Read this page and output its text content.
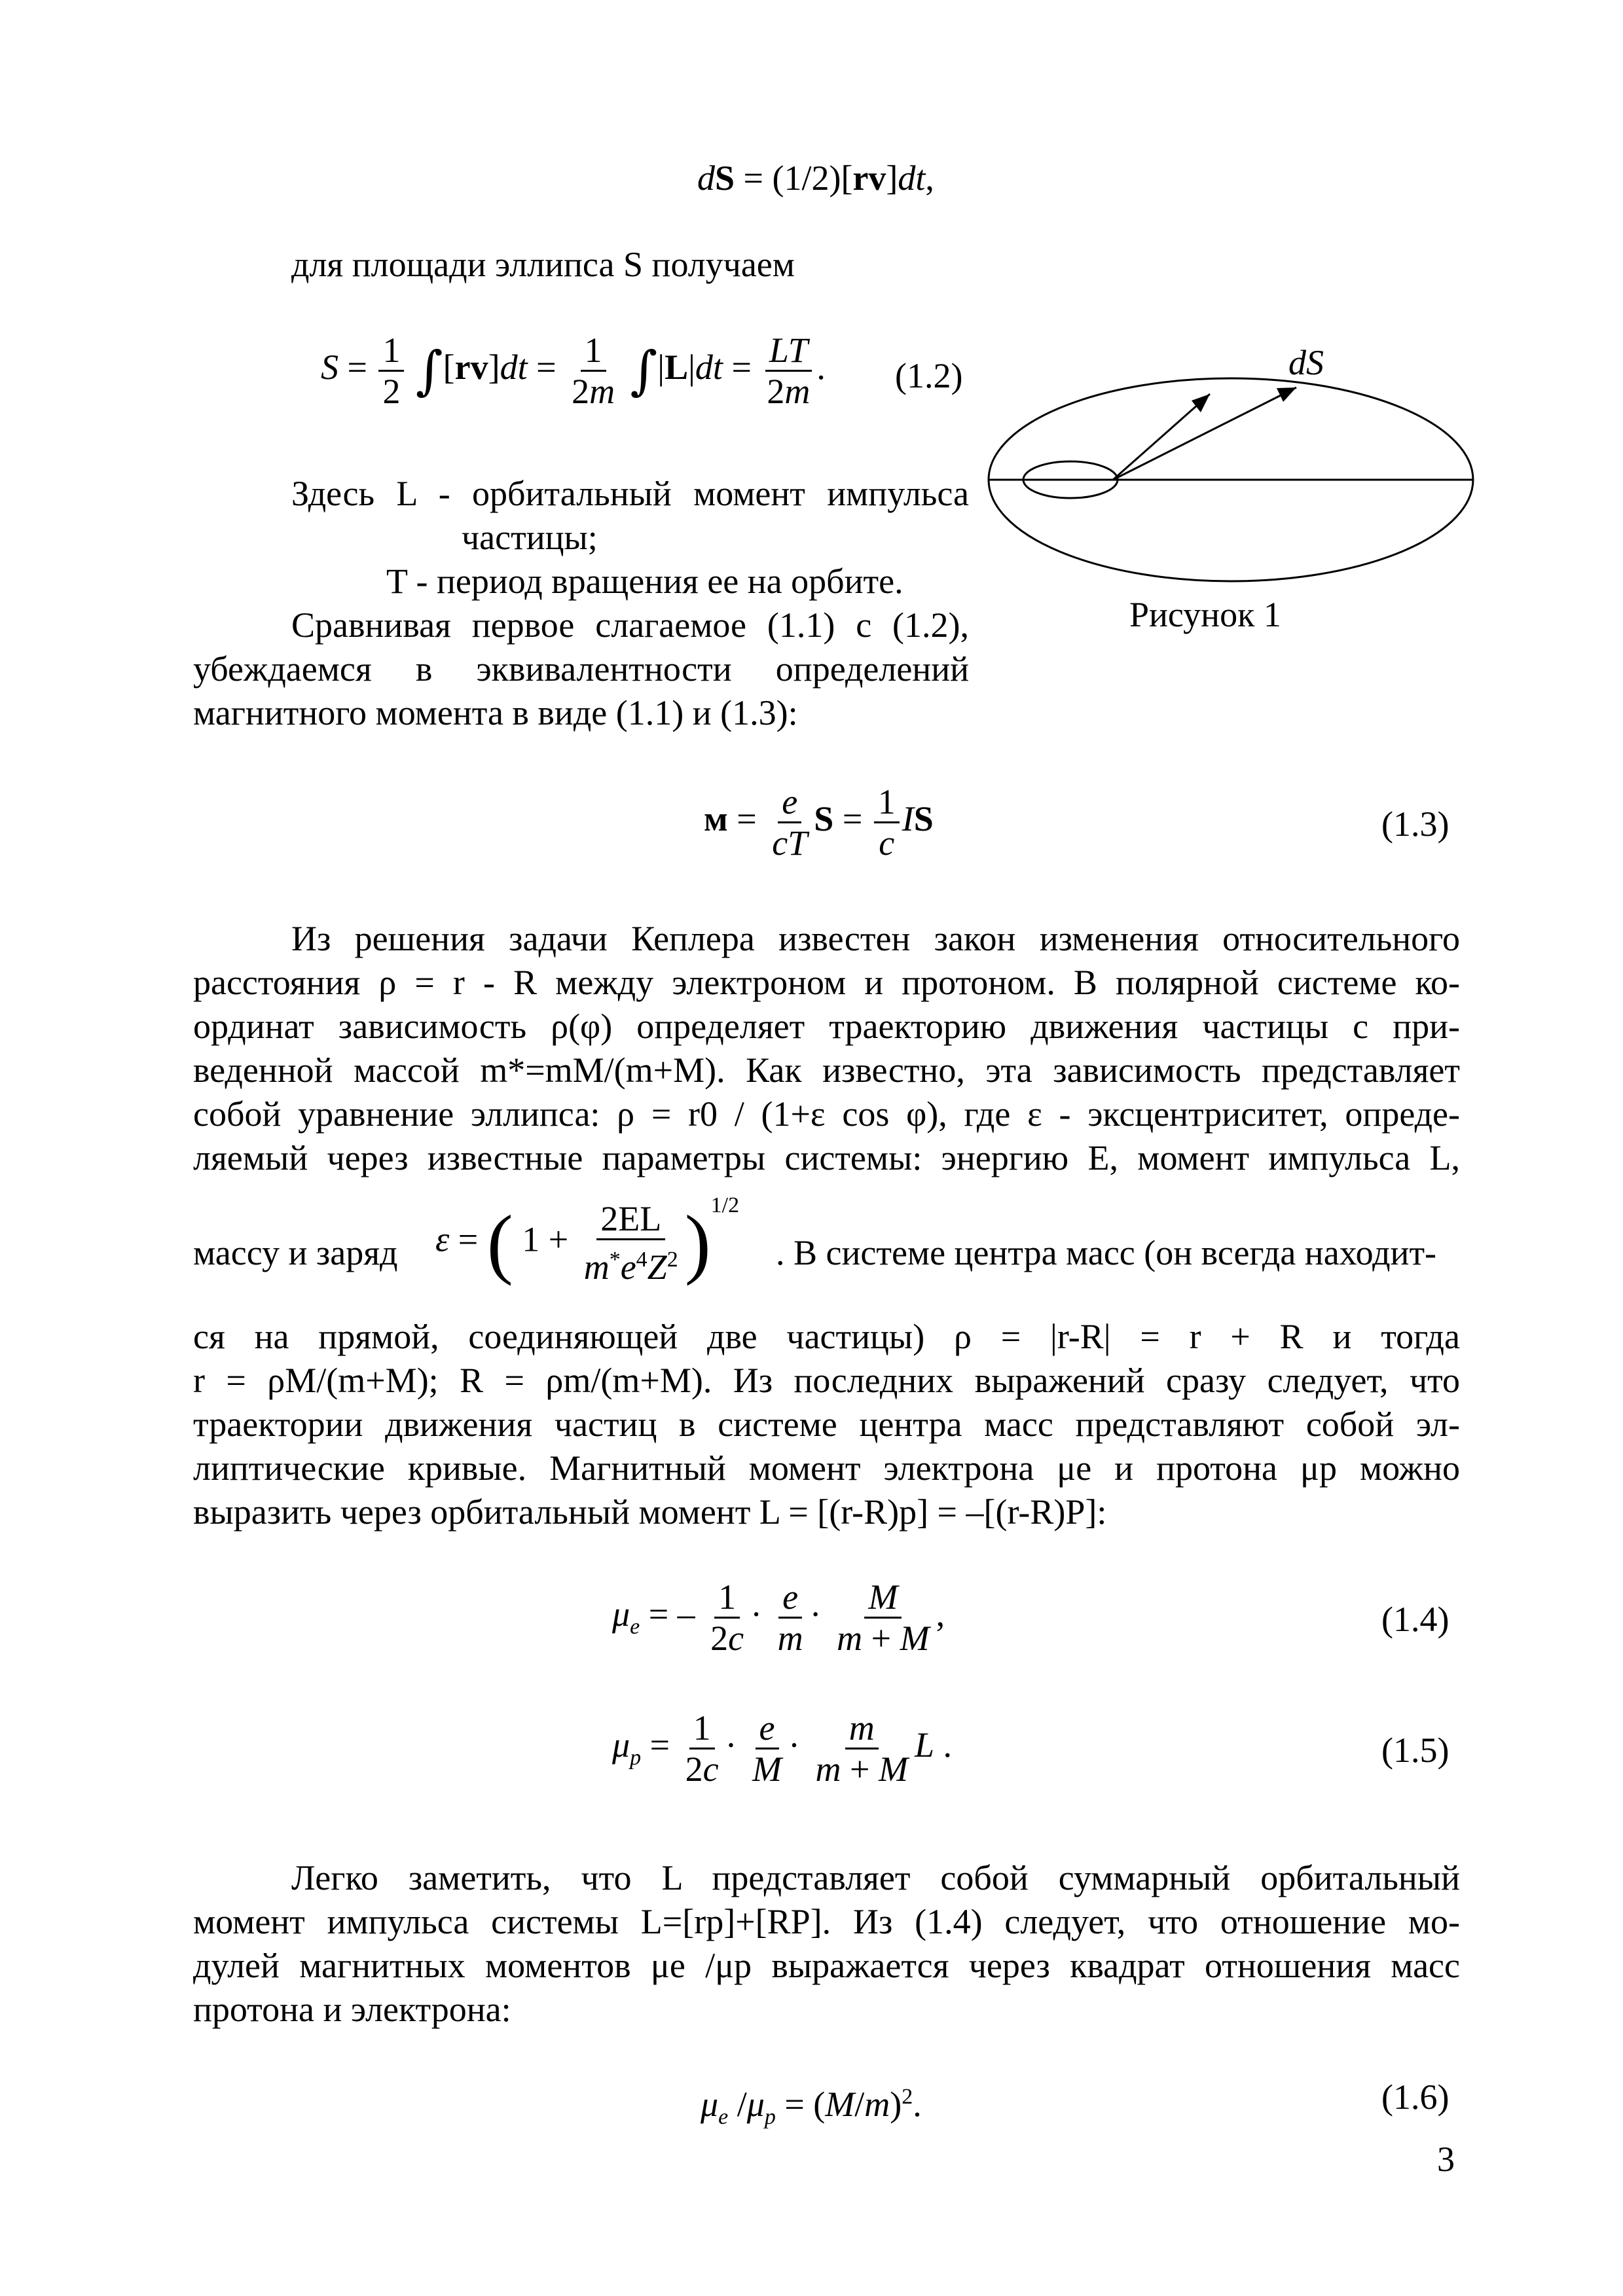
dS = (1/2)[rv]dt,
для площади эллипса S получаем
$S = \frac{1}{2} \int[rv]dt = \frac{1}{2m} \int|L|dt = \frac{LT}{2m}$ . (1.2)	dS
Рисунок 1
Здесь L - орбитальный момент импульса
частицы;
T - период вращения ее на орбите.
Сравнивая первое слагаемое (1.1) с (1.2),
убеждаемся в эквивалентности определений
магнитного момента в виде (1.1) и (1.3):
$м = \frac{e}{cT}$ $S = \frac{1}{c}$ IS	(1.3)
Из решения задачи Кеплера известен закон изменения относительного
расстояния ρ = r - R между электроном и протоном. В полярной системе ко-
ординат зависимость ρ(φ) определяет траекторию движения частицы с при-
веденной массой m*=mM/(m+M). Как известно, эта зависимость представляет
собой уравнение эллипса: ρ = r0 / (1+ε cos φ), где ε - эксцентриситет, опреде-
ляемый через известные параметры системы: энергию E, момент импульса L,
массу и заряд ε = ( $1 + \frac{2EL}{m^*e^4Z^2} )^{1/2}$
. В системе центра масс (он всегда находит-
ся на прямой, соединяющей две частицы) ρ = |r-R| = r + R и тогда
r = ρM/(m+M); R = ρm/(m+M). Из последних выражений сразу следует, что
траектории движения частиц в системе центра масс представляют собой эл-
липтические кривые. Магнитный момент электрона μe и протона μp можно
выразить через орбитальный момент L = [(r-R)p] = –[(r-R)P]:
$\mu_e$ = – $\frac{1}{2c} \cdot \frac{e}{m} \cdot \frac{M}{m + M}$ ,	(1.4)
$\mu_p = \frac{1}{2c} \cdot \frac{e}{M} \cdot \frac{m}{m + M}$ L .	(1.5)
Легко заметить, что L представляет собой суммарный орбитальный
момент импульса системы L=[rp]+[RP]. Из (1.4) следует, что отношение мо-
дулей магнитных моментов μe /μp выражается через квадрат отношения масс
протона и электрона:
$\mu_e$ $/\mu_p = (M/m)^2$.	(1.6)
3
